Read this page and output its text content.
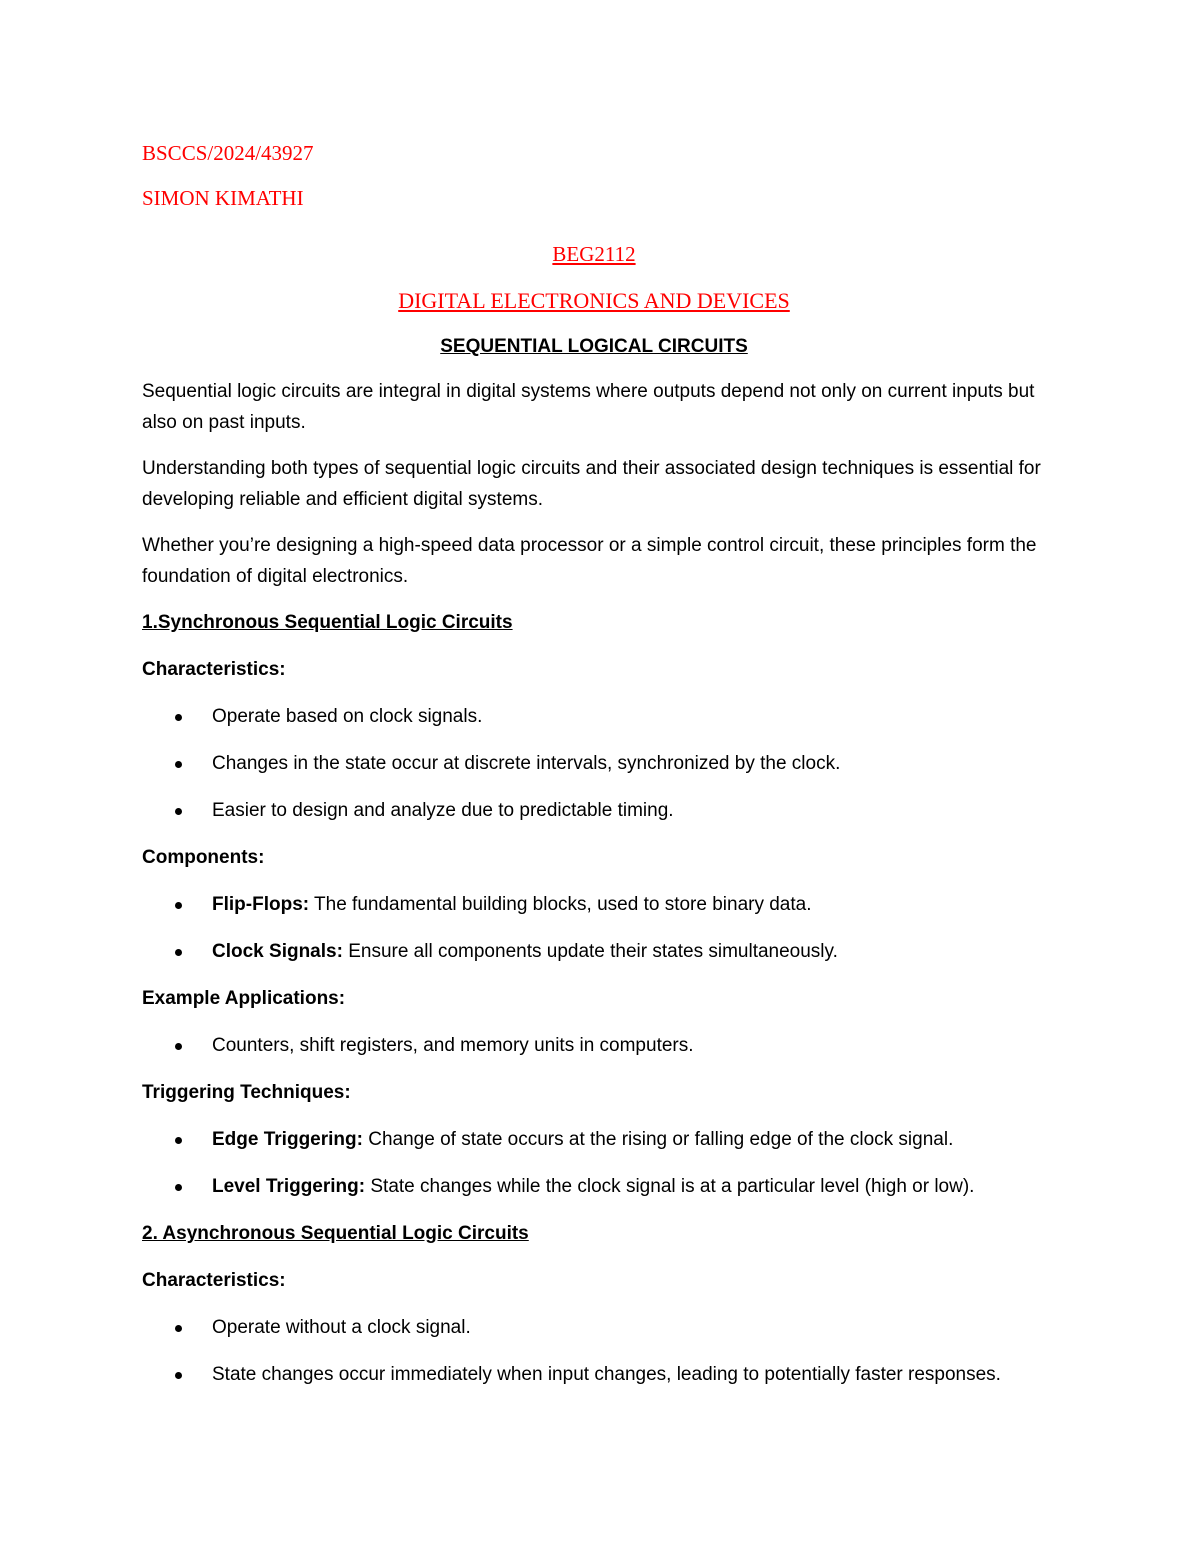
BSCCS/2024/43927

SIMON KIMATHI

BEG2112

DIGITAL ELECTRONICS AND DEVICES

SEQUENTIAL LOGICAL CIRCUITS

Sequential logic circuits are integral in digital systems where outputs depend not only on current inputs but also on past inputs.

Understanding both types of sequential logic circuits and their associated design techniques is essential for developing reliable and efficient digital systems.

Whether you’re designing a high-speed data processor or a simple control circuit, these principles form the foundation of digital electronics.

1.Synchronous Sequential Logic Circuits
Characteristics:
Operate based on clock signals.
Changes in the state occur at discrete intervals, synchronized by the clock.
Easier to design and analyze due to predictable timing.
Components:
Flip-Flops: The fundamental building blocks, used to store binary data.
Clock Signals: Ensure all components update their states simultaneously.
Example Applications:
Counters, shift registers, and memory units in computers.
Triggering Techniques:
Edge Triggering: Change of state occurs at the rising or falling edge of the clock signal.
Level Triggering: State changes while the clock signal is at a particular level (high or low).
2. Asynchronous Sequential Logic Circuits
Characteristics:
Operate without a clock signal.
State changes occur immediately when input changes, leading to potentially faster responses.
